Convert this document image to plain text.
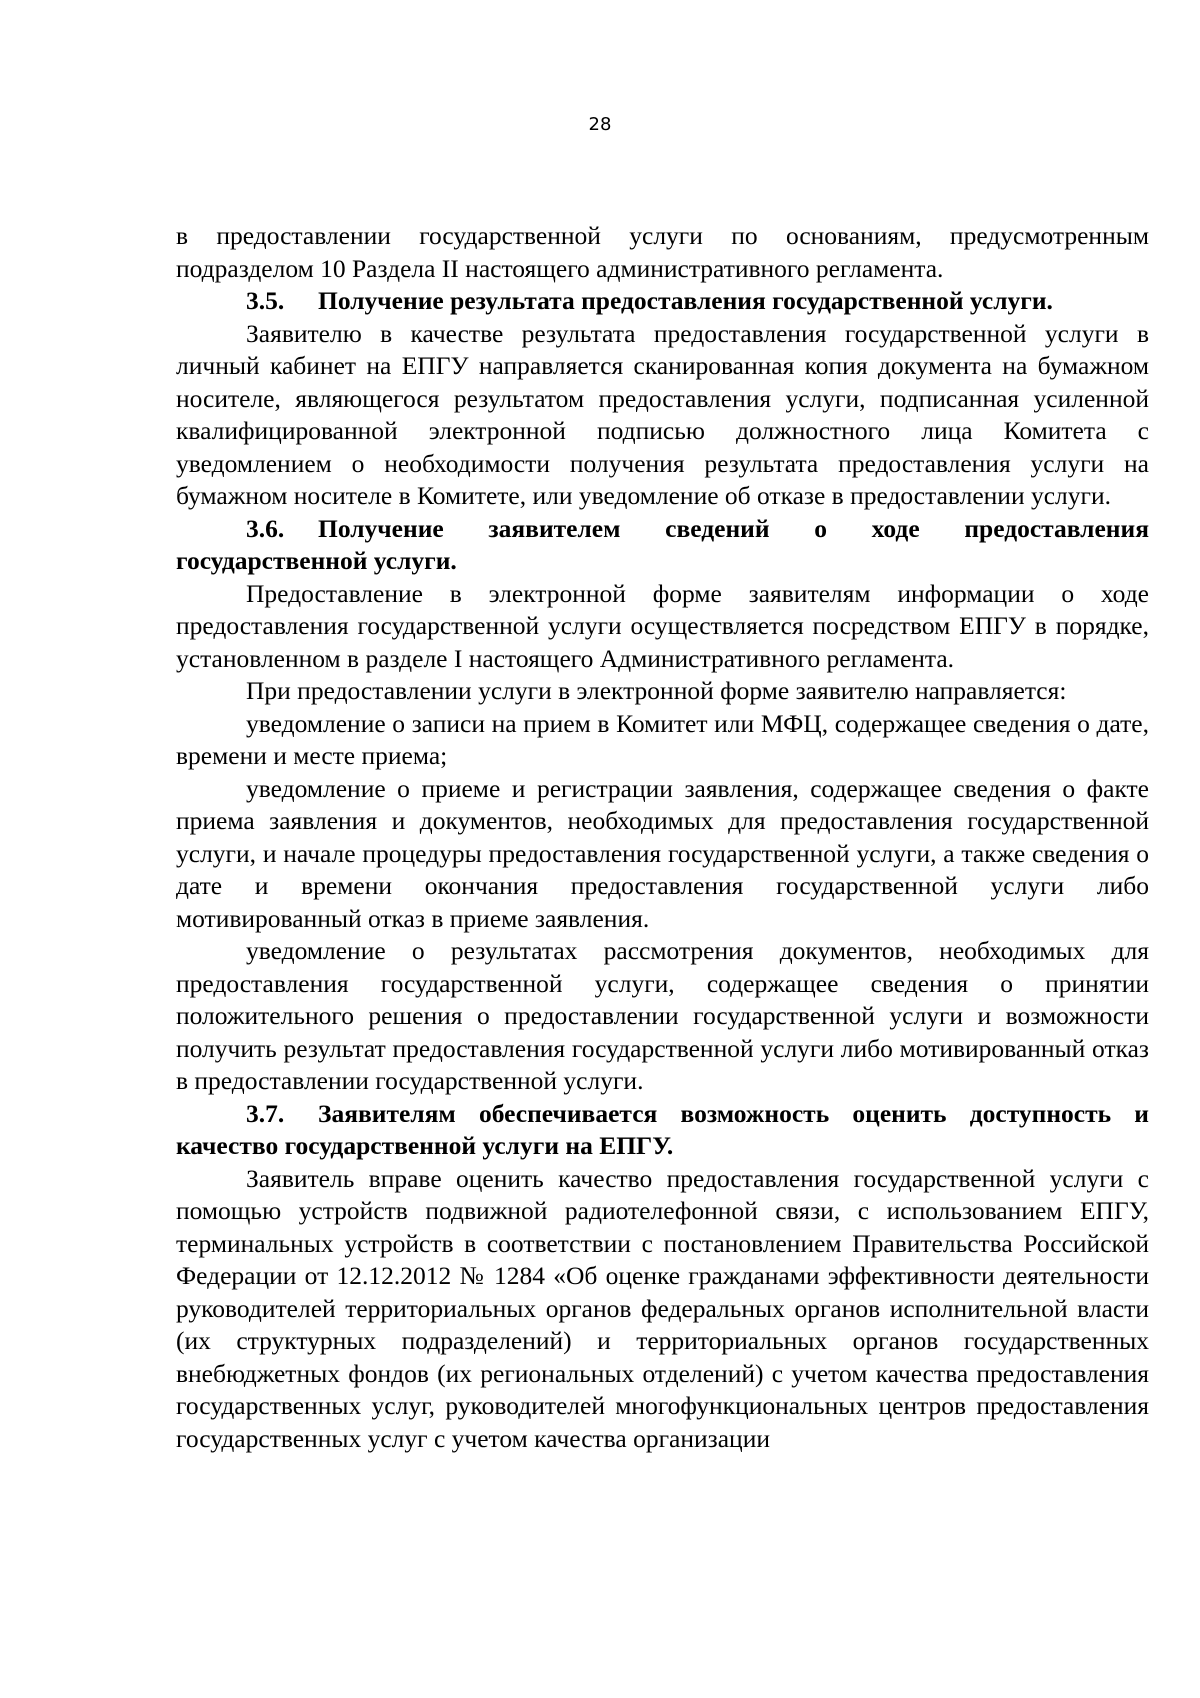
28

в предоставлении государственной услуги по основаниям, предусмотренным подразделом 10 Раздела II настоящего административного регламента.

3.5. Получение результата предоставления государственной услуги.

Заявителю в качестве результата предоставления государственной услуги в личный кабинет на ЕПГУ направляется сканированная копия документа на бумажном носителе, являющегося результатом предоставления услуги, подписанная усиленной квалифицированной электронной подписью должностного лица Комитета с уведомлением о необходимости получения результата предоставления услуги на бумажном носителе в Комитете, или уведомление об отказе в предоставлении услуги.

3.6. Получение заявителем сведений о ходе предоставления государственной услуги.

Предоставление в электронной форме заявителям информации о ходе предоставления государственной услуги осуществляется посредством ЕПГУ в порядке, установленном в разделе I настоящего Административного регламента.

При предоставлении услуги в электронной форме заявителю направляется:

уведомление о записи на прием в Комитет или МФЦ, содержащее сведения о дате, времени и месте приема;

уведомление о приеме и регистрации заявления, содержащее сведения о факте приема заявления и документов, необходимых для предоставления государственной услуги, и начале процедуры предоставления государственной услуги, а также сведения о дате и времени окончания предоставления государственной услуги либо мотивированный отказ в приеме заявления.

уведомление о результатах рассмотрения документов, необходимых для предоставления государственной услуги, содержащее сведения о принятии положительного решения о предоставлении государственной услуги и возможности получить результат предоставления государственной услуги либо мотивированный отказ в предоставлении государственной услуги.

3.7. Заявителям обеспечивается возможность оценить доступность и качество государственной услуги на ЕПГУ.

Заявитель вправе оценить качество предоставления государственной услуги с помощью устройств подвижной радиотелефонной связи, с использованием ЕПГУ, терминальных устройств в соответствии с постановлением Правительства Российской Федерации от 12.12.2012 № 1284 «Об оценке гражданами эффективности деятельности руководителей территориальных органов федеральных органов исполнительной власти (их структурных подразделений) и территориальных органов государственных внебюджетных фондов (их региональных отделений) с учетом качества предоставления государственных услуг, руководителей многофункциональных центров предоставления государственных услуг с учетом качества организации
